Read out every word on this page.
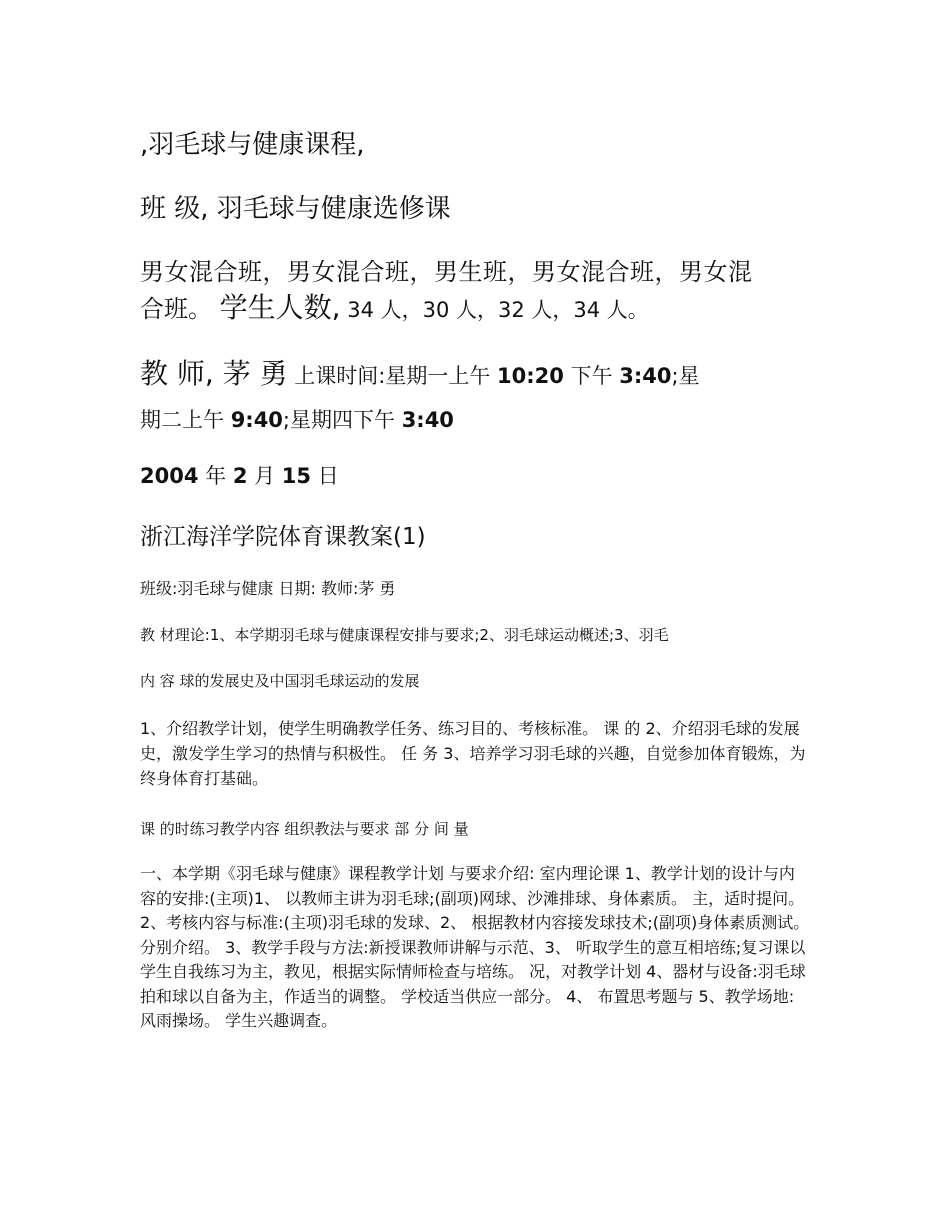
,羽毛球与健康课程,
班 级, 羽毛球与健康选修课
男女混合班，男女混合班，男生班，男女混合班，男女混
合班。 学生人数, 34 人，30 人，32 人，34 人。
教 师, 茅 勇 上课时间:星期一上午 10:20 下午 3:40;星
期二上午 9:40;星期四下午 3:40
2004 年 2 月 15 日
浙江海洋学院体育课教案(1)
班级:羽毛球与健康 日期: 教师:茅 勇
教 材理论:1、本学期羽毛球与健康课程安排与要求;2、羽毛球运动概述;3、羽毛
内 容 球的发展史及中国羽毛球运动的发展
1、介绍教学计划，使学生明确教学任务、练习目的、考核标准。 课 的 2、介绍羽毛球的发展史，激发学生学习的热情与积极性。 任 务 3、培养学习羽毛球的兴趣，自觉参加体育锻炼，为终身体育打基础。
课 的时练习教学内容 组织教法与要求 部 分 间 量
一、本学期《羽毛球与健康》课程教学计划 与要求介绍: 室内理论课 1、教学计划的设计与内容的安排:(主项)1、 以教师主讲为羽毛球;(副项)网球、沙滩排球、身体素质。 主，适时提问。 2、考核内容与标准:(主项)羽毛球的发球、2、 根据教材内容接发球技术;(副项)身体素质测试。 分别介绍。 3、教学手段与方法:新授课教师讲解与示范、3、 听取学生的意互相培练;复习课以学生自我练习为主，教见，根据实际情师检查与培练。 况，对教学计划 4、器材与设备:羽毛球拍和球以自备为主，作适当的调整。 学校适当供应一部分。 4、 布置思考题与 5、教学场地:风雨操场。 学生兴趣调查。
